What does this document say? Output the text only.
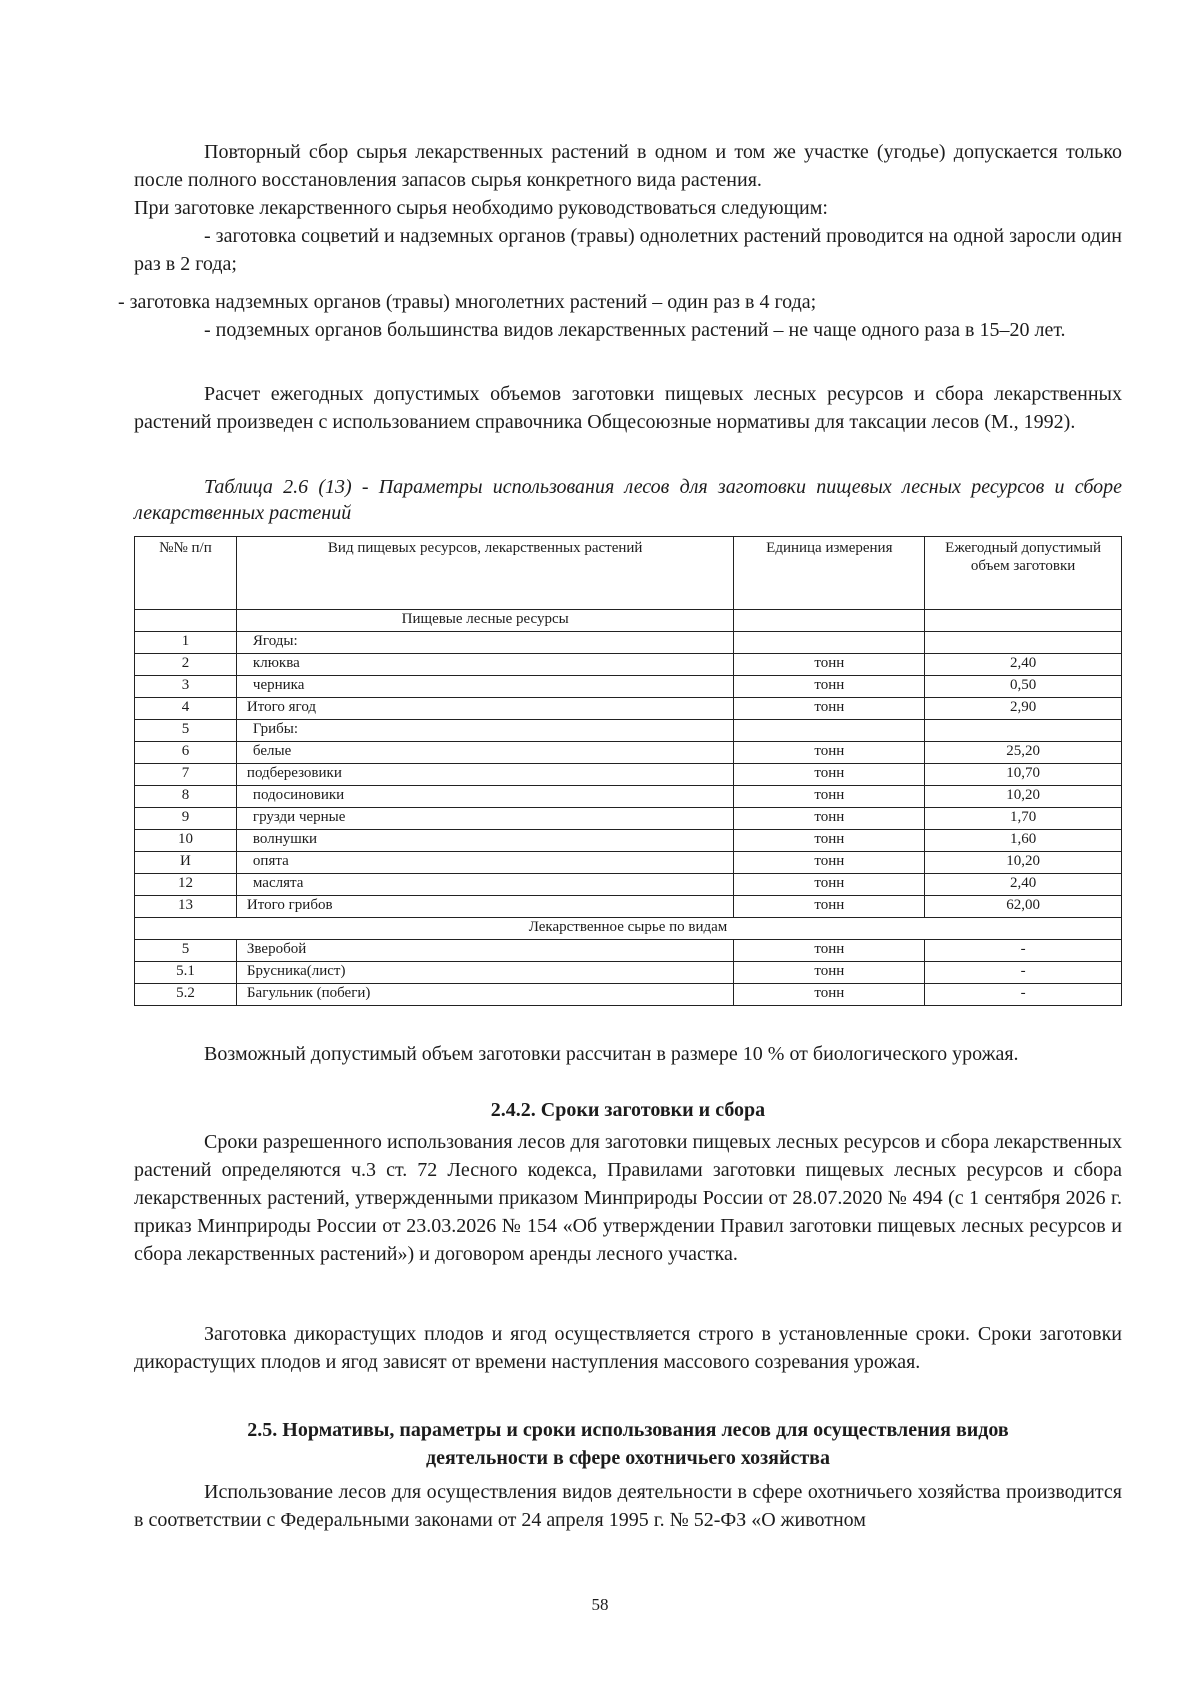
Повторный сбор сырья лекарственных растений в одном и том же участке (угодье) допускается только после полного восстановления запасов сырья конкретного вида растения.
При заготовке лекарственного сырья необходимо руководствоваться следующим:
- заготовка соцветий и надземных органов (травы) однолетних растений проводится на одной заросли один раз в 2 года;
- заготовка надземных органов (травы) многолетних растений – один раз в 4 года;
- подземных органов большинства видов лекарственных растений – не чаще одного раза в 15–20 лет.
Расчет ежегодных допустимых объемов заготовки пищевых лесных ресурсов и сбора лекарственных растений произведен с использованием справочника Общесоюзные нормативы для таксации лесов (М., 1992).
Таблица 2.6 (13) - Параметры использования лесов для заготовки пищевых лесных ресурсов и сборе лекарственных растений
№№ п/п	Вид пищевых ресурсов, лекарственных растений	Единица измерения	Ежегодный допустимый объем заготовки
	Пищевые лесные ресурсы		
1	Ягоды:		
2	клюква	тонн	2,40
3	черника	тонн	0,50
4	Итого ягод	тонн	2,90
5	Грибы:		
6	белые	тонн	25,20
7	подберезовики	тонн	10,70
8	подосиновики	тонн	10,20
9	грузди черные	тонн	1,70
10	волнушки	тонн	1,60
И	опята	тонн	10,20
12	маслята	тонн	2,40
13	Итого грибов	тонн	62,00
Лекарственное сырье по видам			
5	Зверобой	тонн	-
5.1	Брусника(лист)	тонн	-
5.2	Багульник (побеги)	тонн	-
Возможный допустимый объем заготовки рассчитан в размере 10 % от биологического урожая.
2.4.2. Сроки заготовки и сбора
Сроки разрешенного использования лесов для заготовки пищевых лесных ресурсов и сбора лекарственных растений определяются ч.3 ст. 72 Лесного кодекса, Правилами заготовки пищевых лесных ресурсов и сбора лекарственных растений, утвержденными приказом Минприроды России от 28.07.2020 № 494 (с 1 сентября 2026 г. приказ Минприроды России от 23.03.2026 № 154 «Об утверждении Правил заготовки пищевых лесных ресурсов и сбора лекарственных растений») и договором аренды лесного участка.
Заготовка дикорастущих плодов и ягод осуществляется строго в установленные сроки. Сроки заготовки дикорастущих плодов и ягод зависят от времени наступления массового созревания урожая.
2.5. Нормативы, параметры и сроки использования лесов для осуществления видов
деятельности в сфере охотничьего хозяйства
Использование лесов для осуществления видов деятельности в сфере охотничьего хозяйства производится в соответствии с Федеральными законами от 24 апреля 1995 г. № 52-ФЗ «О животном
58
